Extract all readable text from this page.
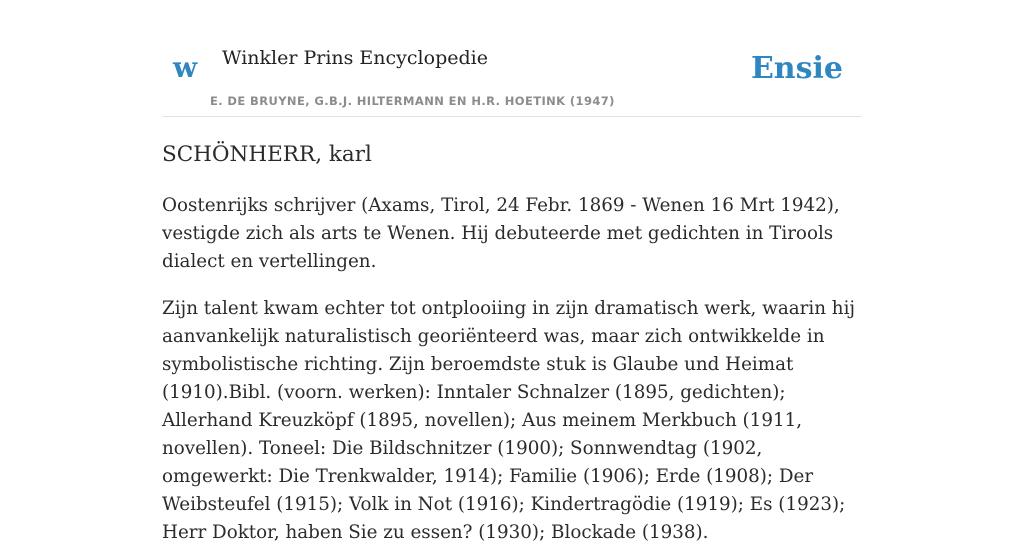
w Winkler Prins Encyclopedie
E. DE BRUYNE, G.B.J. HILTERMANN EN H.R. HOETINK (1947)
Ensie
SCHÖNHERR, karl

Oostenrijks schrijver (Axams, Tirol, 24 Febr. 1869 - Wenen 16 Mrt 1942), vestigde zich als arts te Wenen. Hij debuteerde met gedichten in Tirools dialect en vertellingen.

Zijn talent kwam echter tot ontplooiing in zijn dramatisch werk, waarin hij aanvankelijk naturalistisch georiënteerd was, maar zich ontwikkelde in symbolistische richting. Zijn beroemdste stuk is Glaube und Heimat (1910).Bibl. (voorn. werken): Inntaler Schnalzer (1895, gedichten); Allerhand Kreuzköpf (1895, novellen); Aus meinem Merkbuch (1911, novellen). Toneel: Die Bildschnitzer (1900); Sonnwendtag (1902, omgewerkt: Die Trenkwalder, 1914); Familie (1906); Erde (1908); Der Weibsteufel (1915); Volk in Not (1916); Kindertragödie (1919); Es (1923); Herr Doktor, haben Sie zu essen? (1930); Blockade (1938).
